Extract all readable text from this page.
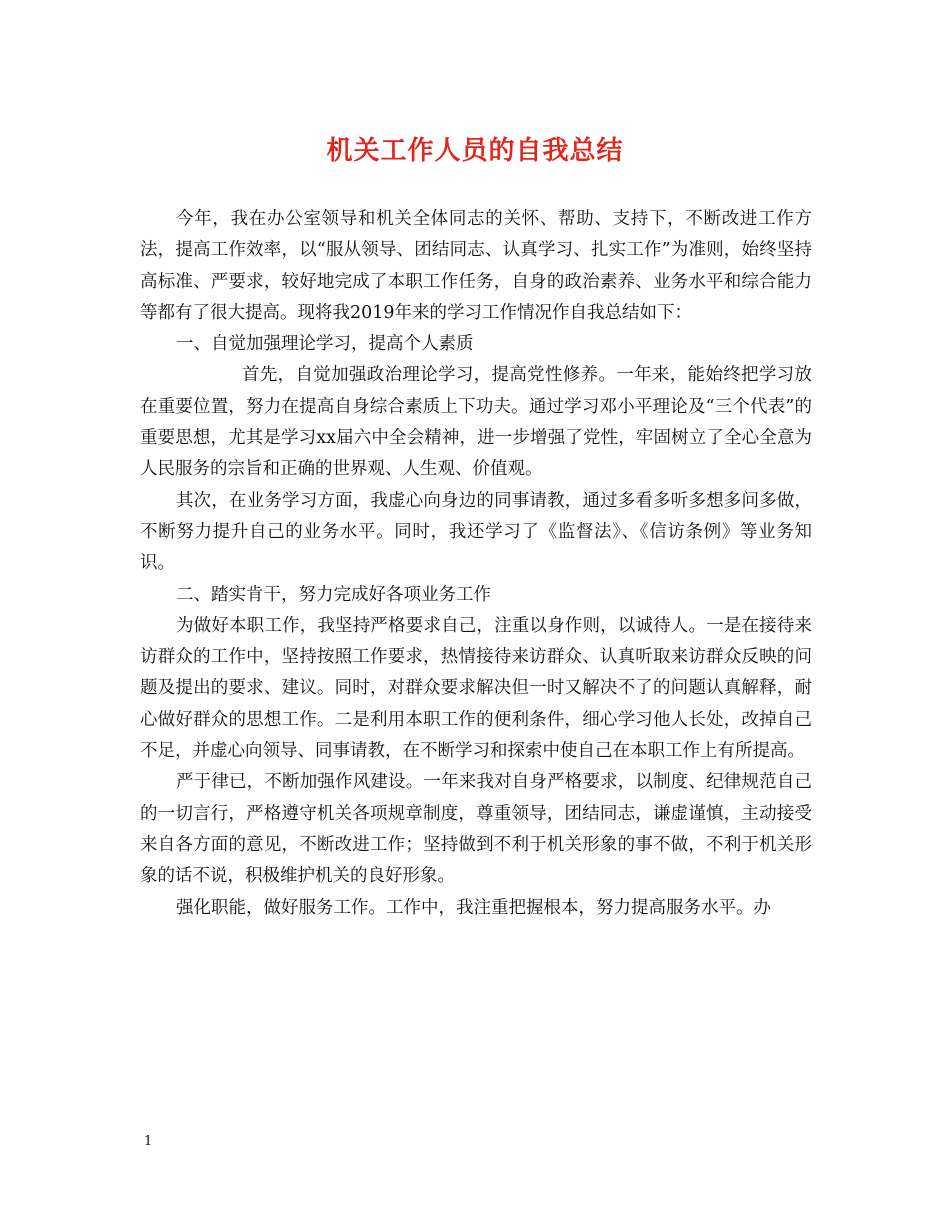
机关工作人员的自我总结

今年，我在办公室领导和机关全体同志的关怀、帮助、支持下，不断改进工作方法，提高工作效率，以“服从领导、团结同志、认真学习、扎实工作”为准则，始终坚持高标准、严要求，较好地完成了本职工作任务，自身的政治素养、业务水平和综合能力等都有了很大提高。现将我2019年来的学习工作情况作自我总结如下：

一、自觉加强理论学习，提高个人素质

首先，自觉加强政治理论学习，提高党性修养。一年来，能始终把学习放在重要位置，努力在提高自身综合素质上下功夫。通过学习邓小平理论及“三个代表”的重要思想，尤其是学习xx届六中全会精神，进一步增强了党性，牢固树立了全心全意为人民服务的宗旨和正确的世界观、人生观、价值观。

其次，在业务学习方面，我虚心向身边的同事请教，通过多看多听多想多问多做，不断努力提升自己的业务水平。同时，我还学习了《监督法》、《信访条例》等业务知识。

二、踏实肯干，努力完成好各项业务工作

为做好本职工作，我坚持严格要求自己，注重以身作则，以诚待人。一是在接待来访群众的工作中，坚持按照工作要求，热情接待来访群众、认真听取来访群众反映的问题及提出的要求、建议。同时，对群众要求解决但一时又解决不了的问题认真解释，耐心做好群众的思想工作。二是利用本职工作的便利条件，细心学习他人长处，改掉自己不足，并虚心向领导、同事请教，在不断学习和探索中使自己在本职工作上有所提高。

严于律已，不断加强作风建设。一年来我对自身严格要求，以制度、纪律规范自己的一切言行，严格遵守机关各项规章制度，尊重领导，团结同志，谦虚谨慎，主动接受来自各方面的意见，不断改进工作；坚持做到不利于机关形象的事不做，不利于机关形象的话不说，积极维护机关的良好形象。

强化职能，做好服务工作。工作中，我注重把握根本，努力提高服务水平。办

1
